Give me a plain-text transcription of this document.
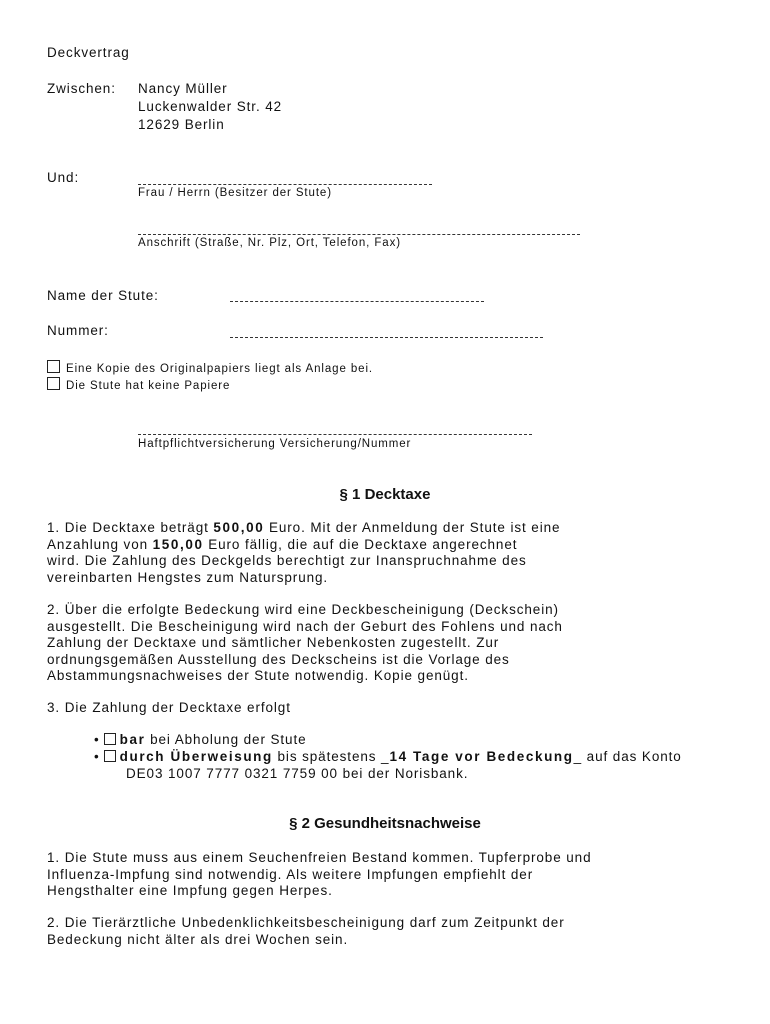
Deckvertrag
Zwischen: Nancy Müller
Luckenwalder Str. 42
12629 Berlin
Und:
Frau / Herrn (Besitzer der Stute)
Anschrift (Straße, Nr. Plz, Ort, Telefon, Fax)
Name der Stute:
Nummer:
Eine Kopie des Originalpapiers liegt als Anlage bei.
Die Stute hat keine Papiere
Haftpflichtversicherung Versicherung/Nummer
§ 1 Decktaxe
1. Die Decktaxe beträgt 500,00 Euro. Mit der Anmeldung der Stute ist eine
Anzahlung von 150,00 Euro fällig, die auf die Decktaxe angerechnet
wird. Die Zahlung des Deckgelds berechtigt zur Inanspruchnahme des
vereinbarten Hengstes zum Natursprung.
2. Über die erfolgte Bedeckung wird eine Deckbescheinigung (Deckschein)
ausgestellt. Die Bescheinigung wird nach der Geburt des Fohlens und nach
Zahlung der Decktaxe und sämtlicher Nebenkosten zugestellt. Zur
ordnungsgemäßen Ausstellung des Deckscheins ist die Vorlage des
Abstammungsnachweises der Stute notwendig. Kopie genügt.
3. Die Zahlung der Decktaxe erfolgt
• bar bei Abholung der Stute
• durch Überweisung bis spätestens _14 Tage vor Bedeckung_ auf das Konto
DE03 1007 7777 0321 7759 00 bei der Norisbank.
§ 2 Gesundheitsnachweise
1. Die Stute muss aus einem Seuchenfreien Bestand kommen. Tupferprobe und
Influenza-Impfung sind notwendig. Als weitere Impfungen empfiehlt der
Hengsthalter eine Impfung gegen Herpes.
2. Die Tierärztliche Unbedenklichkeitsbescheinigung darf zum Zeitpunkt der
Bedeckung nicht älter als drei Wochen sein.
